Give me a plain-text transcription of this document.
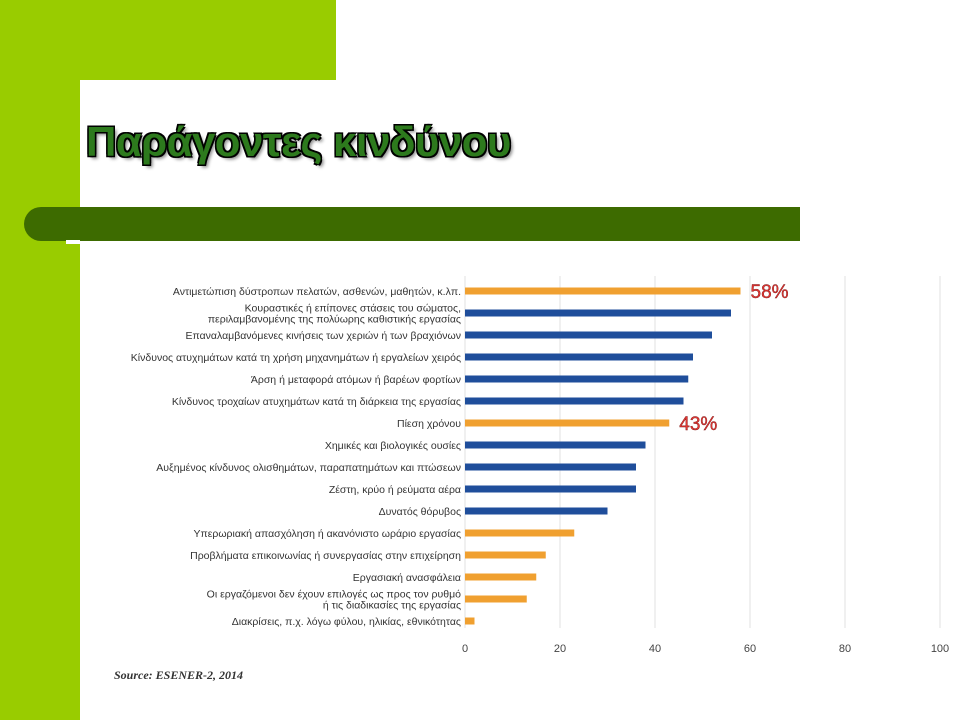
Παράγοντες κινδύνου
0	20	40	60	80	100
Αντιμετώπιση δύστροπων πελατών, ασθενών, μαθητών, κ.λπ.
Κουραστικές ή επίπονες στάσεις του σώματος,
περιλαμβανομένης της πολύωρης καθιστικής εργασίας
Επαναλαμβανόμενες κινήσεις των χεριών ή των βραχιόνων
Κίνδυνος ατυχημάτων κατά τη χρήση μηχανημάτων ή εργαλείων χειρός
Άρση ή μεταφορά ατόμων ή βαρέων φορτίων
Κίνδυνος τροχαίων ατυχημάτων κατά τη διάρκεια της εργασίας
Πίεση χρόνου
Χημικές και βιολογικές ουσίες
Αυξημένος κίνδυνος ολισθημάτων, παραπατημάτων και πτώσεων
Ζέστη, κρύο ή ρεύματα αέρα
Δυνατός θόρυβος
Υπερωριακή απασχόληση ή ακανόνιστο ωράριο εργασίας
Προβλήματα επικοινωνίας ή συνεργασίας στην επιχείρηση
Εργασιακή ανασφάλεια
Οι εργαζόμενοι δεν έχουν επιλογές ως προς τον ρυθμό
ή τις διαδικασίες της εργασίας
Διακρίσεις, π.χ. λόγω φύλου, ηλικίας, εθνικότητας
58%
43%

Source: ESENER-2, 2014
